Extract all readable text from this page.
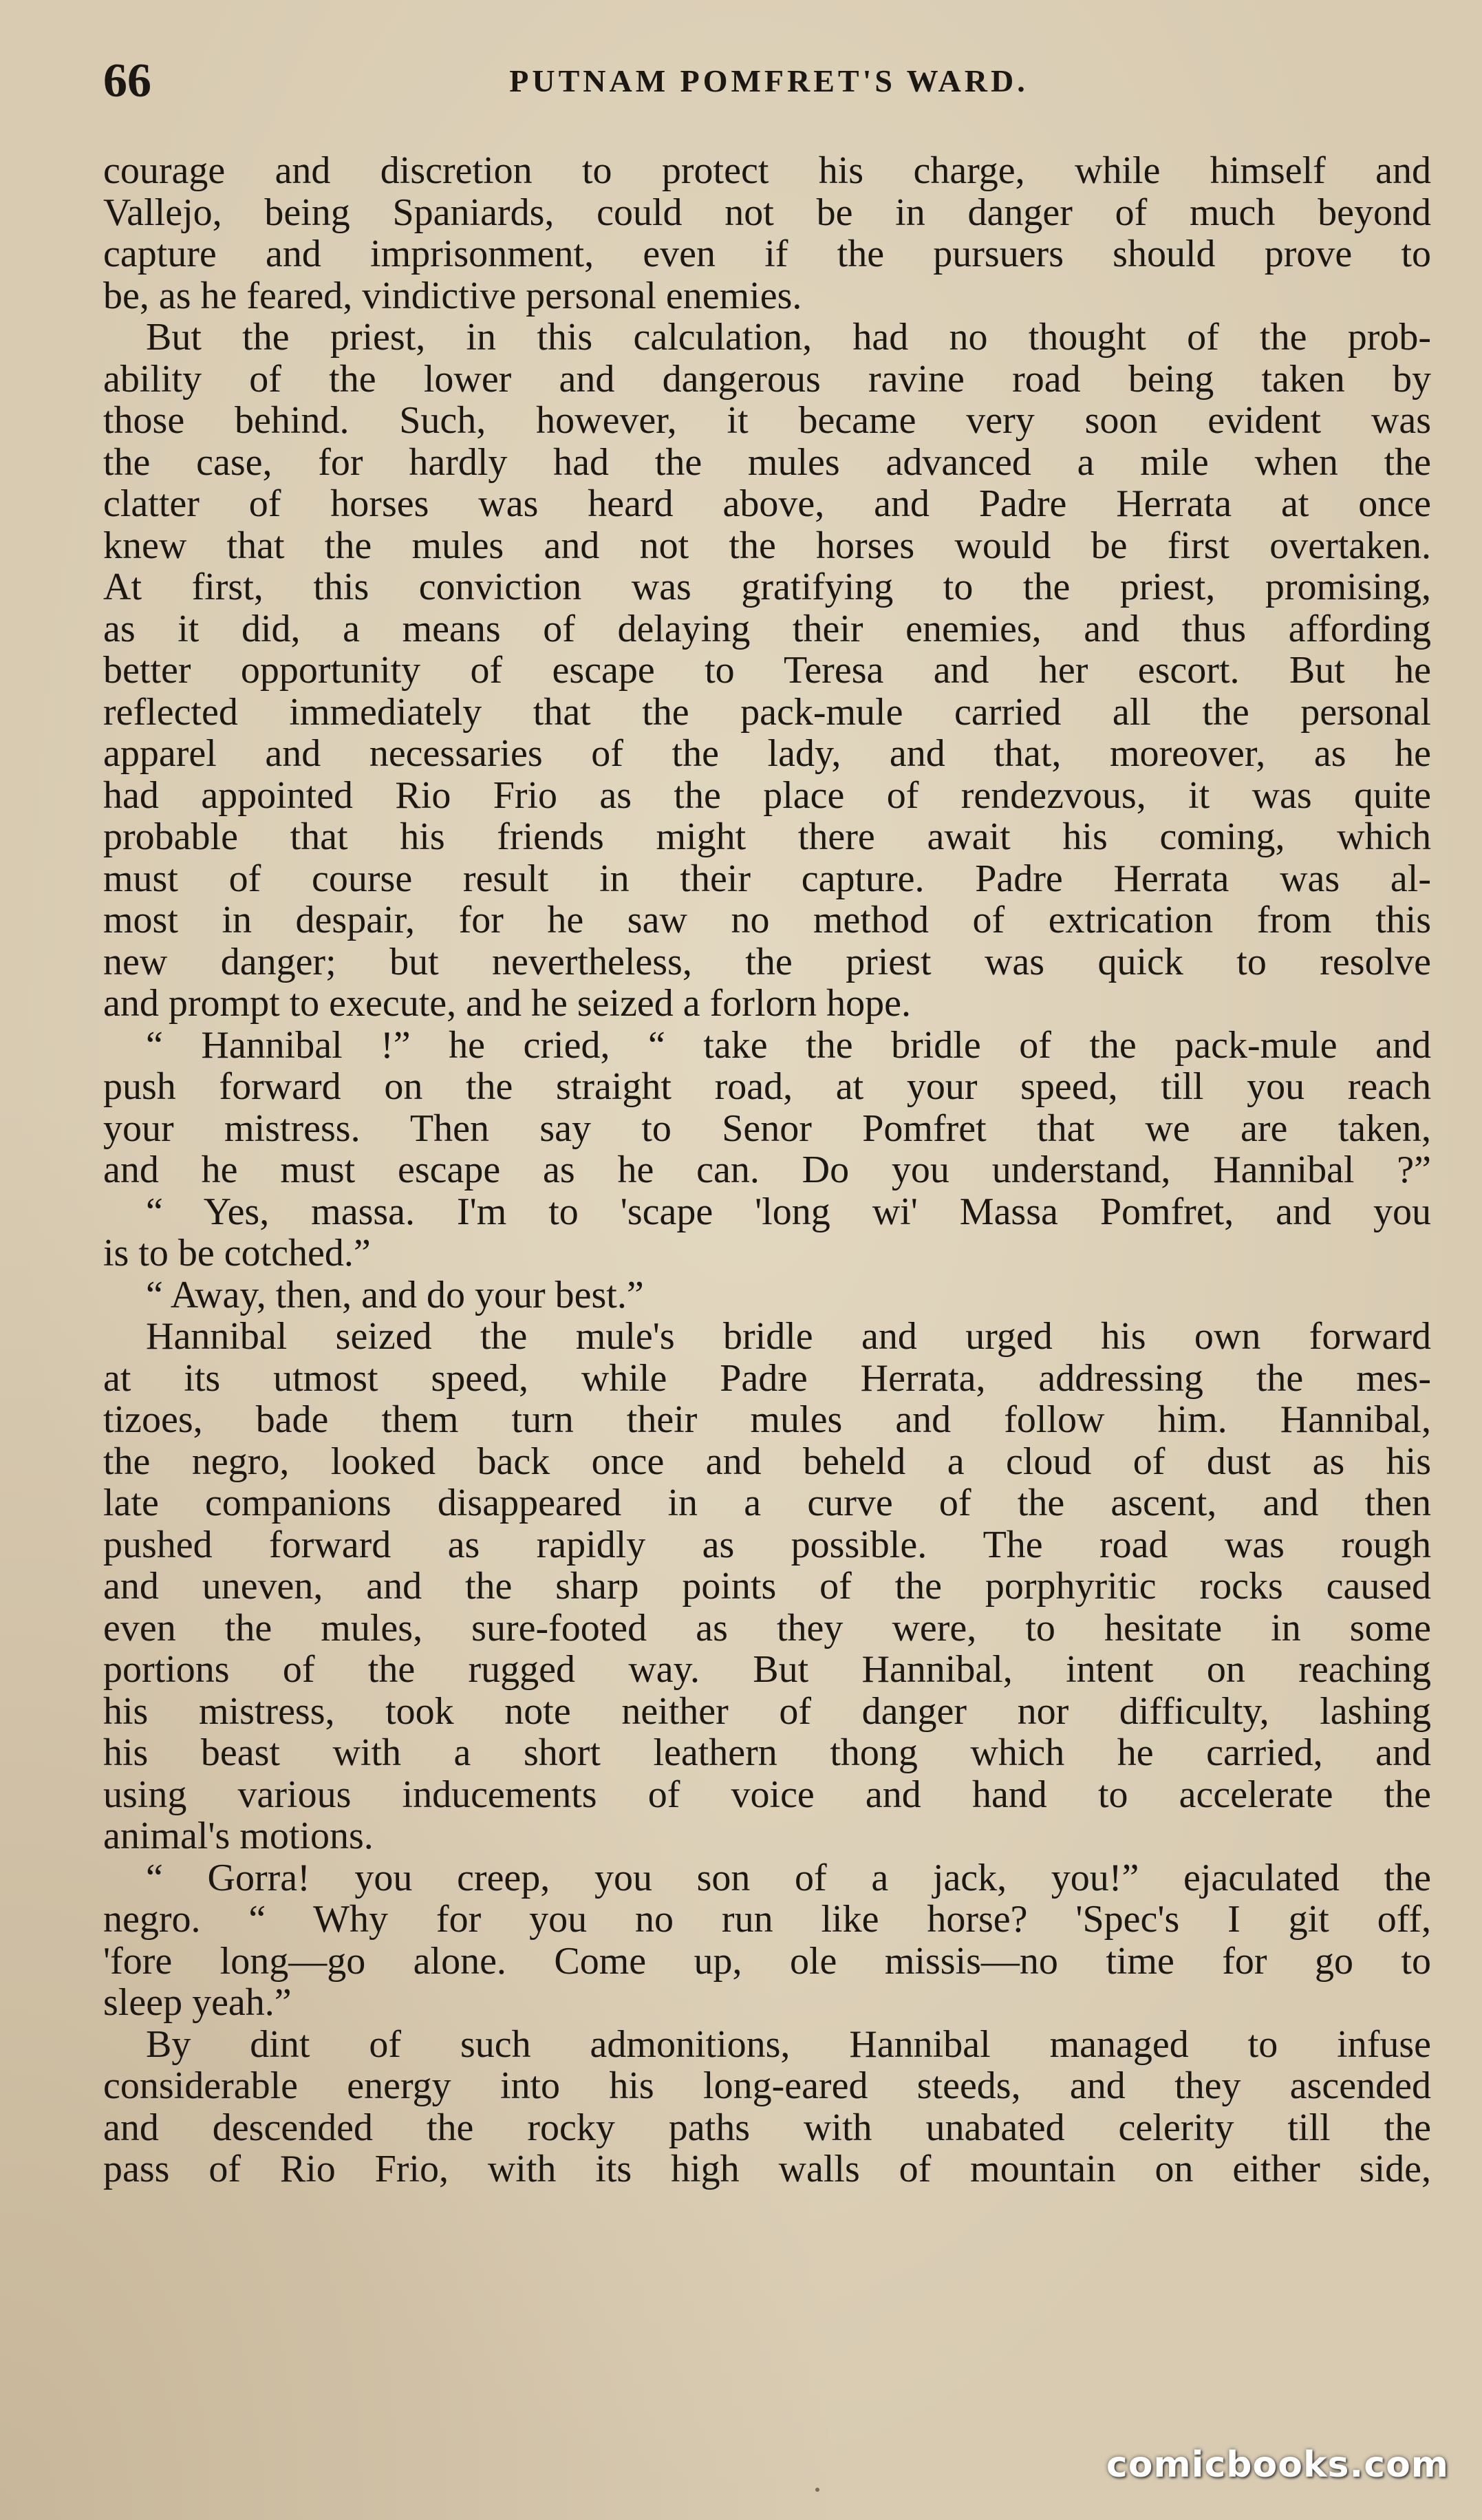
66	PUTNAM POMFRET'S WARD.
courage and discretion to protect his charge, while himself and
Vallejo, being Spaniards, could not be in danger of much beyond
capture and imprisonment, even if the pursuers should prove to
be, as he feared, vindictive personal enemies.
But the priest, in this calculation, had no thought of the prob-
ability of the lower and dangerous ravine road being taken by
those behind. Such, however, it became very soon evident was
the case, for hardly had the mules advanced a mile when the
clatter of horses was heard above, and Padre Herrata at once
knew that the mules and not the horses would be first overtaken.
At first, this conviction was gratifying to the priest, promising,
as it did, a means of delaying their enemies, and thus affording
better opportunity of escape to Teresa and her escort. But he
reflected immediately that the pack-mule carried all the personal
apparel and necessaries of the lady, and that, moreover, as he
had appointed Rio Frio as the place of rendezvous, it was quite
probable that his friends might there await his coming, which
must of course result in their capture. Padre Herrata was al-
most in despair, for he saw no method of extrication from this
new danger; but nevertheless, the priest was quick to resolve
and prompt to execute, and he seized a forlorn hope.
“ Hannibal !” he cried, “ take the bridle of the pack-mule and
push forward on the straight road, at your speed, till you reach
your mistress. Then say to Senor Pomfret that we are taken,
and he must escape as he can. Do you understand, Hannibal ?”
“ Yes, massa. I'm to 'scape 'long wi' Massa Pomfret, and you
is to be cotched.”
“ Away, then, and do your best.”
Hannibal seized the mule's bridle and urged his own forward
at its utmost speed, while Padre Herrata, addressing the mes-
tizoes, bade them turn their mules and follow him. Hannibal,
the negro, looked back once and beheld a cloud of dust as his
late companions disappeared in a curve of the ascent, and then
pushed forward as rapidly as possible. The road was rough
and uneven, and the sharp points of the porphyritic rocks caused
even the mules, sure-footed as they were, to hesitate in some
portions of the rugged way. But Hannibal, intent on reaching
his mistress, took note neither of danger nor difficulty, lashing
his beast with a short leathern thong which he carried, and
using various inducements of voice and hand to accelerate the
animal's motions.
“ Gorra! you creep, you son of a jack, you!” ejaculated the
negro. “ Why for you no run like horse? 'Spec's I git off,
'fore long—go alone. Come up, ole missis—no time for go to
sleep yeah.”
By dint of such admonitions, Hannibal managed to infuse
considerable energy into his long-eared steeds, and they ascended
and descended the rocky paths with unabated celerity till the
pass of Rio Frio, with its high walls of mountain on either side,
comicbooks.com
